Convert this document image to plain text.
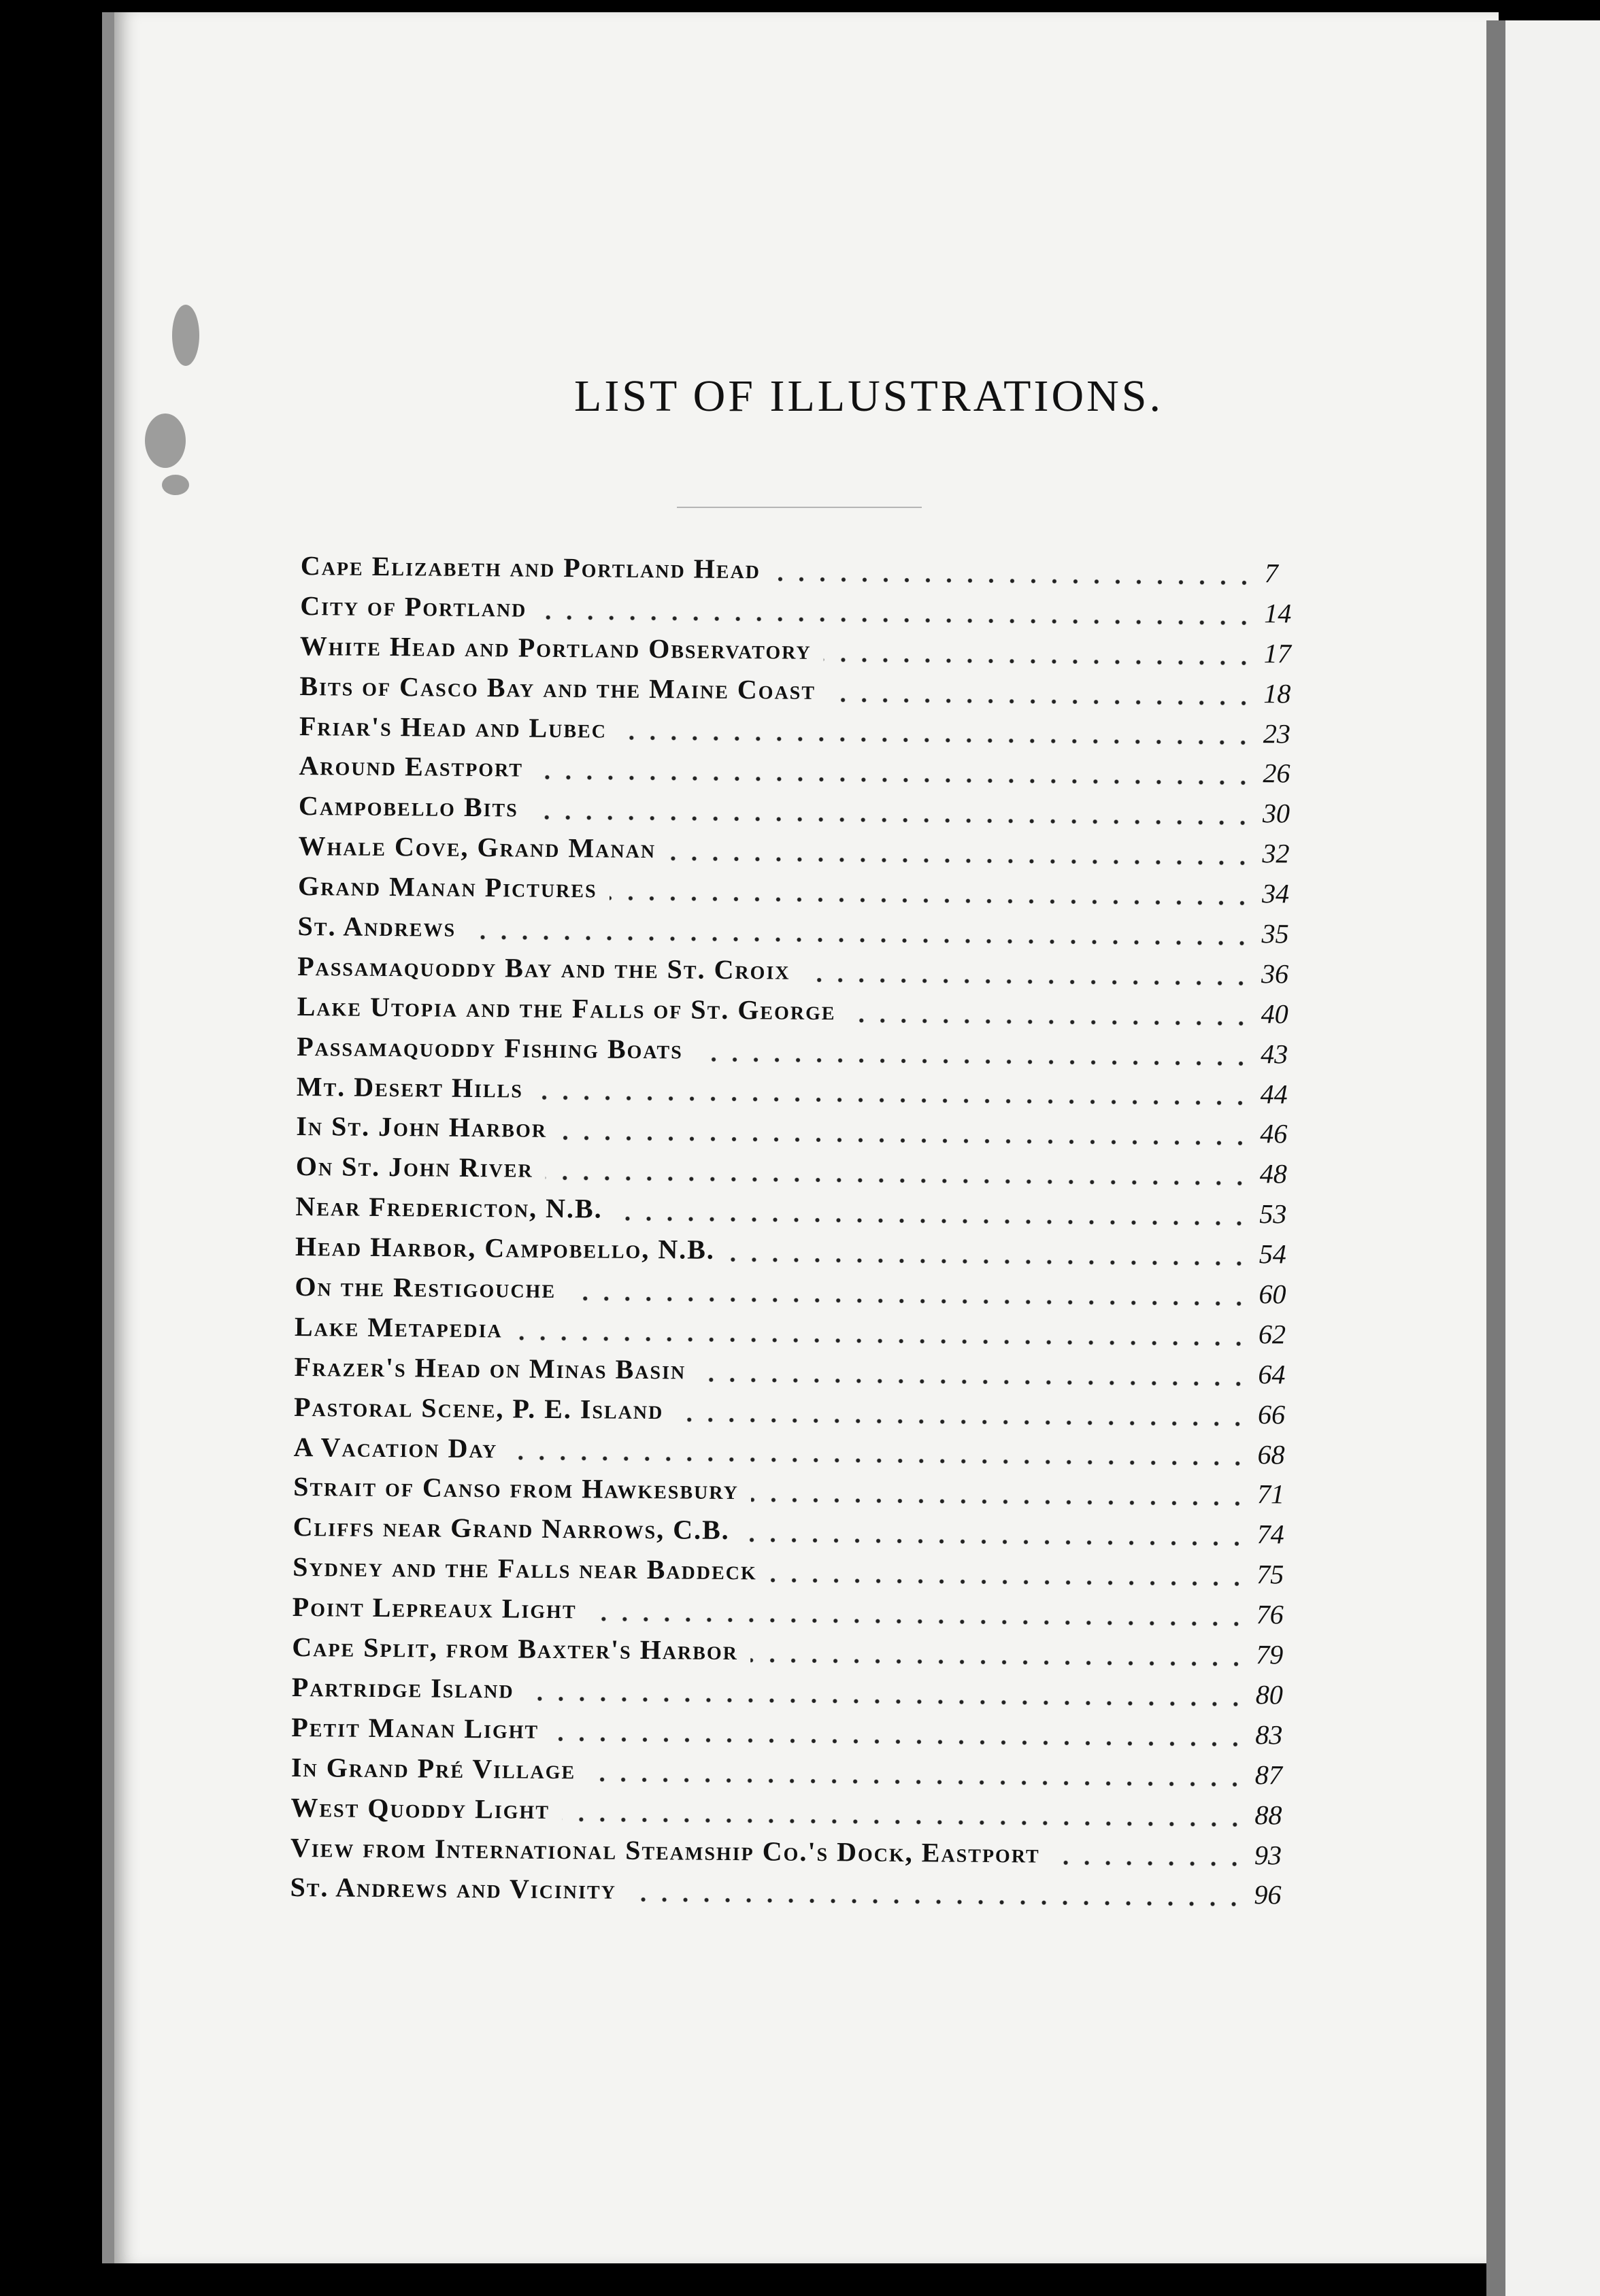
LIST OF ILLUSTRATIONS.
Cape Elizabeth and Portland Head	7
City of Portland	14
White Head and Portland Observatory	17
Bits of Casco Bay and the Maine Coast	18
Friar's Head and Lubec	23
Around Eastport	26
Campobello Bits	30
Whale Cove, Grand Manan	32
Grand Manan Pictures	34
St. Andrews	35
Passamaquoddy Bay and the St. Croix	36
Lake Utopia and the Falls of St. George	40
Passamaquoddy Fishing Boats	43
Mt. Desert Hills	44
In St. John Harbor	46
On St. John River	48
Near Fredericton, N.B.	53
Head Harbor, Campobello, N.B.	54
On the Restigouche	60
Lake Metapedia	62
Frazer's Head on Minas Basin	64
Pastoral Scene, P. E. Island	66
A Vacation Day	68
Strait of Canso from Hawkesbury	71
Cliffs near Grand Narrows, C.B.	74
Sydney and the Falls near Baddeck	75
Point Lepreaux Light	76
Cape Split, from Baxter's Harbor	79
Partridge Island	80
Petit Manan Light	83
In Grand Pré Village	87
West Quoddy Light	88
View from International Steamship Co.'s Dock, Eastport	93
St. Andrews and Vicinity	96
